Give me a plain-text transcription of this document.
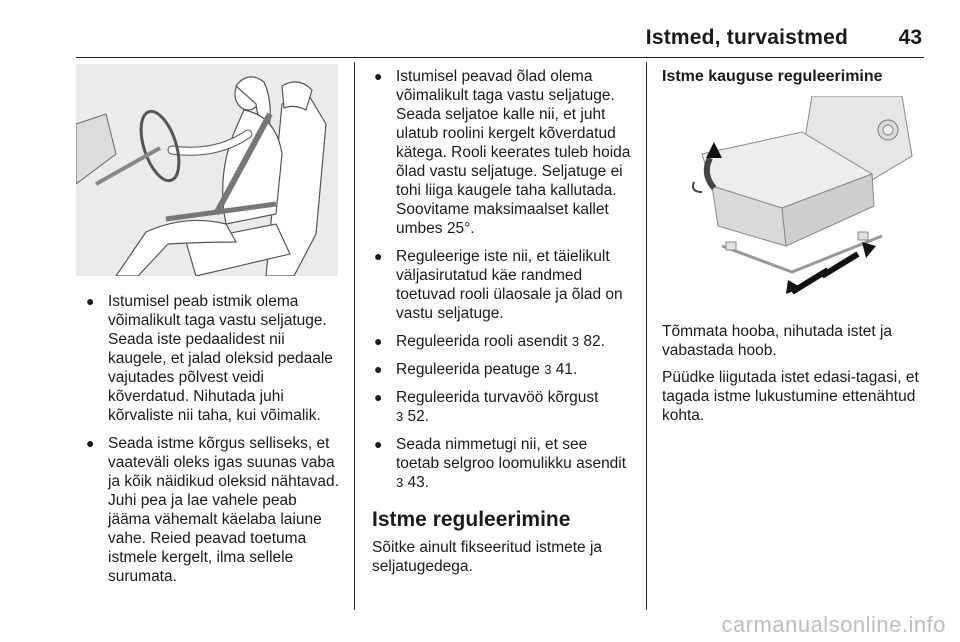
Istmed, turvaistmed 43
● Istumisel peab istmik olema võimalikult taga vastu seljatuge. Seada iste pedaalidest nii kaugele, et jalad oleksid pedaale vajutades põlvest veidi kõverdatud. Nihutada juhi kõrvaliste nii taha, kui võimalik.
● Seada istme kõrgus selliseks, et vaateväli oleks igas suunas vaba ja kõik näidikud oleksid nähtavad. Juhi pea ja lae vahele peab jääma vähemalt käelaba laiune vahe. Reied peavad toetuma istmele kergelt, ilma sellele surumata.
● Istumisel peavad õlad olema võimalikult taga vastu seljatuge. Seada seljatoe kalle nii, et juht ulatub roolini kergelt kõverdatud kätega. Rooli keerates tuleb hoida õlad vastu seljatuge. Seljatuge ei tohi liiga kaugele taha kallutada. Soovitame maksimaalset kallet umbes 25°.
● Reguleerige iste nii, et täielikult väljasirutatud käe randmed toetuvad rooli ülaosale ja õlad on vastu seljatuge.
● Reguleerida rooli asendit 3 82.
● Reguleerida peatuge 3 41.
● Reguleerida turvavöö kõrgust
3 52.
● Seada nimmetugi nii, et see toetab selgroo loomulikku asendit 3 43.
Istme reguleerimine
Sõitke ainult fikseeritud istmete ja seljatugedega.
Istme kauguse reguleerimine
Tõmmata hooba, nihutada istet ja vabastada hoob.
Püüdke liigutada istet edasi-tagasi, et tagada istme lukustumine ettenähtud kohta.
carmanualsonline.info
